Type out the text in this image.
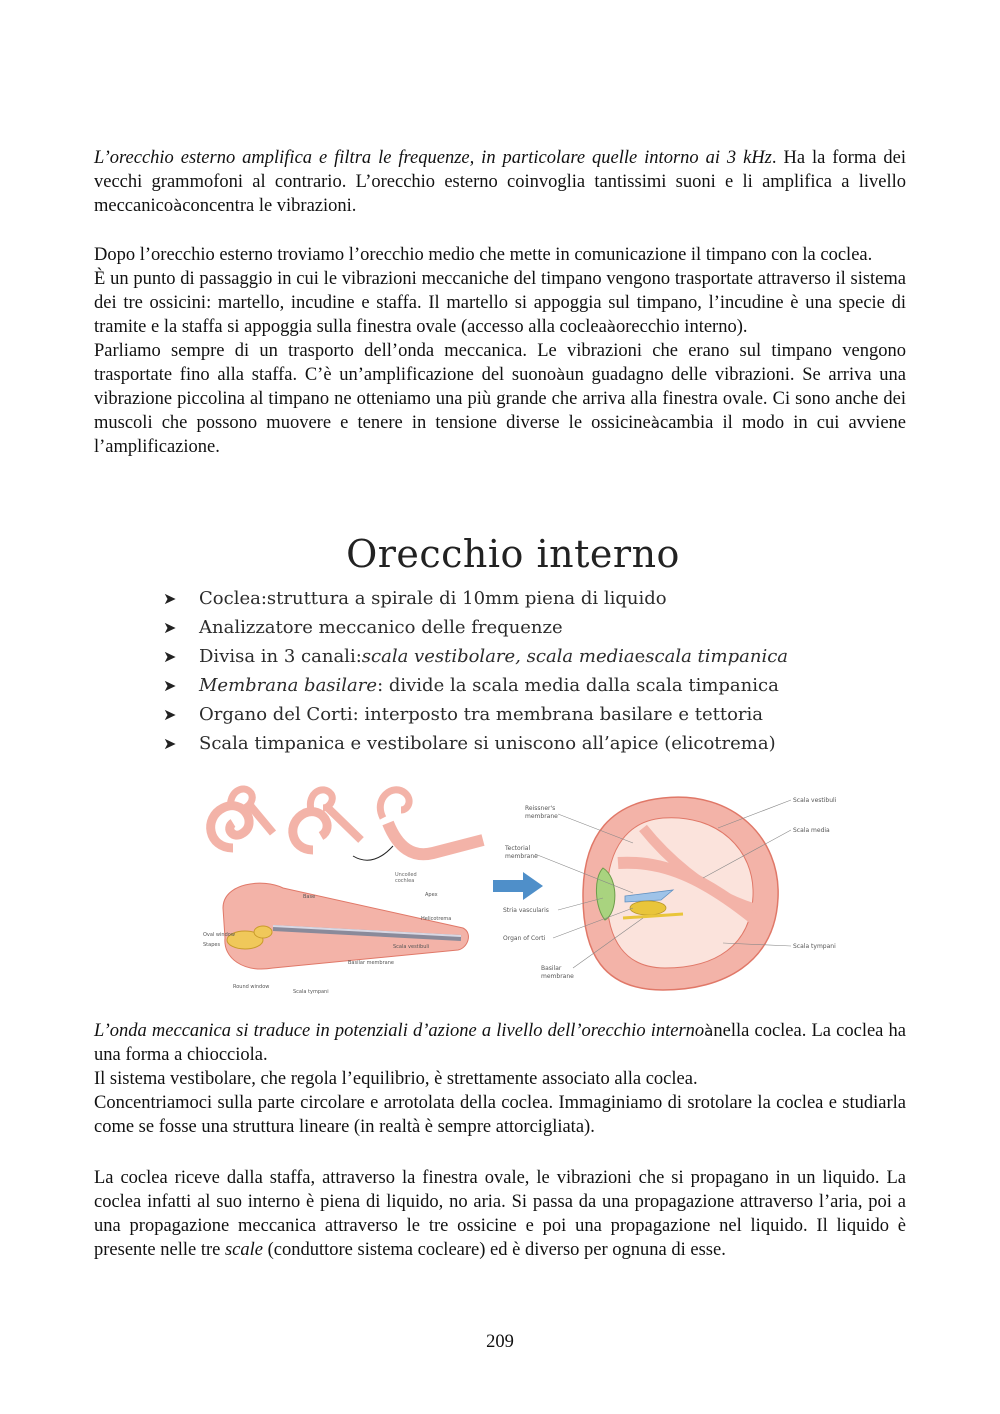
L’orecchio esterno amplifica e filtra le frequenze, in particolare quelle intorno ai 3 kHz. Ha la forma dei vecchi grammofoni al contrario. L’orecchio esterno coinvoglia tantissimi suoni e li amplifica a livello meccanicoàconcentra le vibrazioni.

Dopo l’orecchio esterno troviamo l’orecchio medio che mette in comunicazione il timpano con la coclea.

È un punto di passaggio in cui le vibrazioni meccaniche del timpano vengono trasportate attraverso il sistema dei tre ossicini: martello, incudine e staffa. Il martello si appoggia sul timpano, l’incudine è una specie di tramite e la staffa si appoggia sulla finestra ovale (accesso alla cocleaàorecchio interno).

Parliamo sempre di un trasporto dell’onda meccanica. Le vibrazioni che erano sul timpano vengono trasportate fino alla staffa. C’è un’amplificazione del suonoàun guadagno delle vibrazioni. Se arriva una vibrazione piccolina al timpano ne otteniamo una più grande che arriva alla finestra ovale. Ci sono anche dei muscoli che possono muovere e tenere in tensione diverse le ossicineàcambia il modo in cui avviene l’amplificazione.

Orecchio interno
➤	Coclea: struttura a spirale di 10mm piena di liquido
➤	Analizzatore meccanico delle frequenze
➤	Divisa in 3 canali: scala vestibolare, scala media e scala timpanica
➤	Membrana basilare : divide la scala media dalla scala timpanica
➤	Organo del Corti: interposto tra membrana basilare e tettoria
➤	Scala timpanica e vestibolare si uniscono all’apice (elicotrema)
Uncoiled
cochlea
Base	Apex
Oval window
Stapes
Helicotrema
Scala vestibuli
Basilar membrane
Round window
Scala tympani
Reissner's
membrane
Tectorial
membrane
Stria vascularis
Organ of Corti
Basilar
membrane
Scala vestibuli
Scala media
Scala tympani

L’onda meccanica si traduce in potenziali d’azione a livello dell’orecchio internoànella coclea. La coclea ha una forma a chiocciola.

Il sistema vestibolare, che regola l’equilibrio, è strettamente associato alla coclea.

Concentriamoci sulla parte circolare e arrotolata della coclea. Immaginiamo di srotolare la coclea e studiarla come se fosse una struttura lineare (in realtà è sempre attorcigliata).

La coclea riceve dalla staffa, attraverso la finestra ovale, le vibrazioni che si propagano in un liquido. La coclea infatti al suo interno è piena di liquido, no aria. Si passa da una propagazione attraverso l’aria, poi a una propagazione meccanica attraverso le tre ossicine e poi una propagazione nel liquido. Il liquido è presente nelle tre scale (conduttore sistema cocleare) ed è diverso per ognuna di esse.

209
